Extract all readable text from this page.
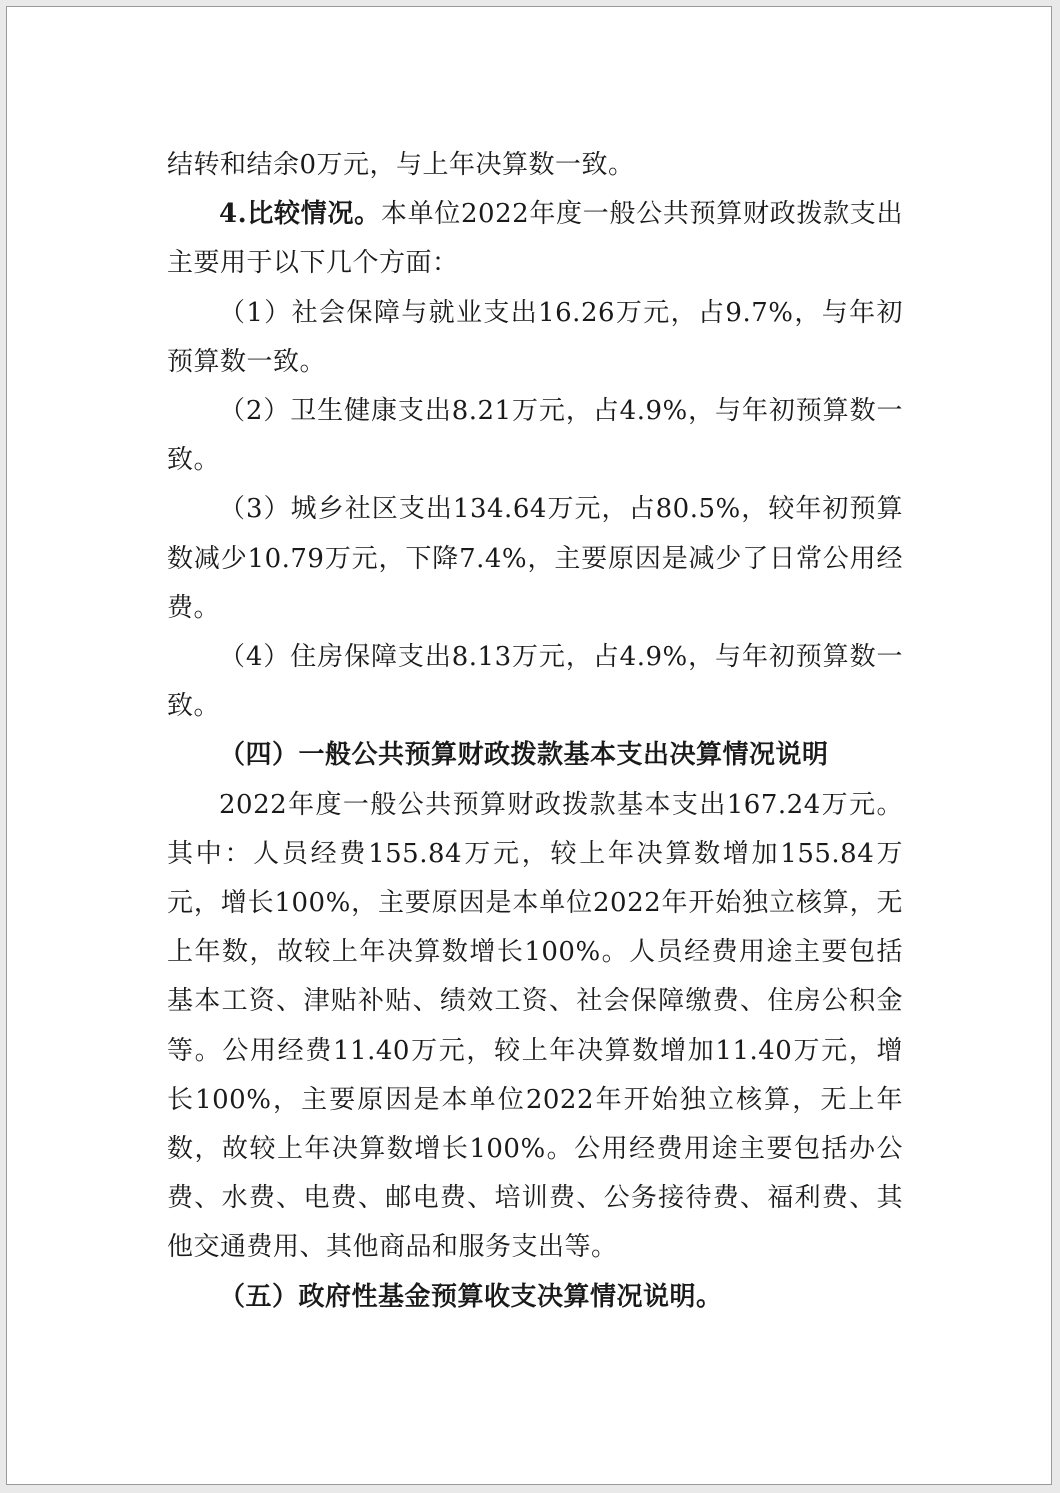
结转和结余0万元，与上年决算数一致。

4.比较情况。本单位2022年度一般公共预算财政拨款支出主要用于以下几个方面：

（1）社会保障与就业支出16.26万元，占9.7%，与年初预算数一致。

（2）卫生健康支出8.21万元，占4.9%，与年初预算数一致。

（3）城乡社区支出134.64万元，占80.5%，较年初预算数减少10.79万元，下降7.4%，主要原因是减少了日常公用经费。

（4）住房保障支出8.13万元，占4.9%，与年初预算数一致。

（四）一般公共预算财政拨款基本支出决算情况说明

2022年度一般公共预算财政拨款基本支出167.24万元。其中：人员经费155.84万元，较上年决算数增加155.84万元，增长100%，主要原因是本单位2022年开始独立核算，无上年数，故较上年决算数增长100%。人员经费用途主要包括基本工资、津贴补贴、绩效工资、社会保障缴费、住房公积金等。公用经费11.40万元，较上年决算数增加11.40万元，增长100%，主要原因是本单位2022年开始独立核算，无上年数，故较上年决算数增长100%。公用经费用途主要包括办公费、水费、电费、邮电费、培训费、公务接待费、福利费、其他交通费用、其他商品和服务支出等。

（五）政府性基金预算收支决算情况说明。
